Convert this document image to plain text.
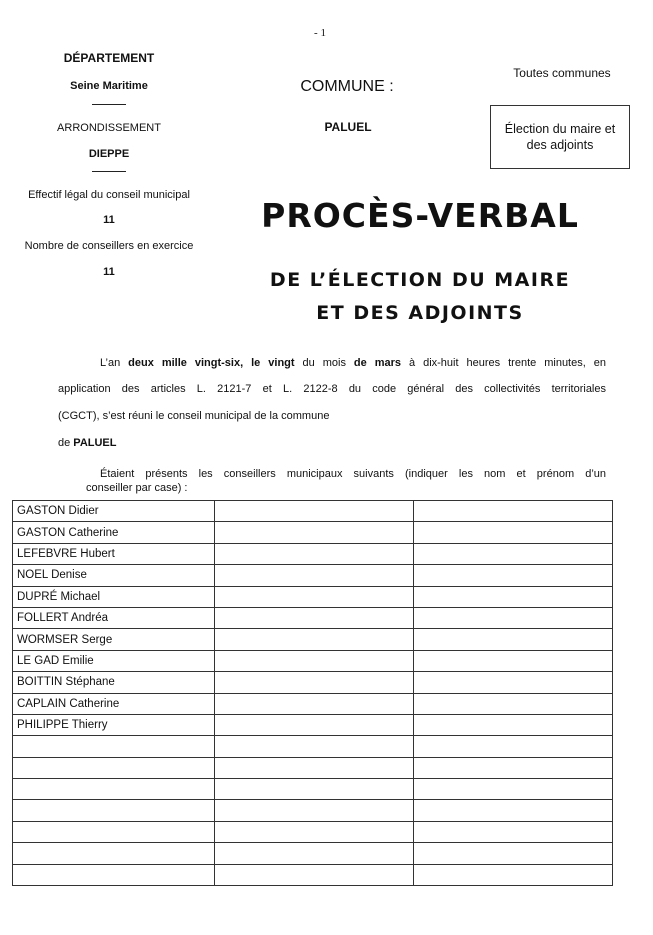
- 1
DÉPARTEMENT
Seine Maritime
ARRONDISSEMENT
DIEPPE
Effectif légal du conseil municipal
11
Nombre de conseillers en exercice
11
COMMUNE :
PALUEL
Toutes communes
Élection du maire et des adjoints
PROCÈS-VERBAL
DE L’ÉLECTION DU MAIRE
ET DES ADJOINTS
L’an deux mille vingt-six, le vingt du mois de mars à dix-huit heures trente minutes, en
application des articles L. 2121-7 et L. 2122-8 du code général des collectivités territoriales
(CGCT), s’est réuni le conseil municipal de la commune
de PALUEL
Étaient présents les conseillers municipaux suivants (indiquer les nom et prénom d’un
conseiller par case) :
GASTON Didier		
GASTON Catherine		
LEFEBVRE Hubert		
NOEL Denise		
DUPRÉ Michael		
FOLLERT Andréa		
WORMSER Serge		
LE GAD Emilie		
BOITTIN Stéphane		
CAPLAIN Catherine		
PHILIPPE Thierry		
